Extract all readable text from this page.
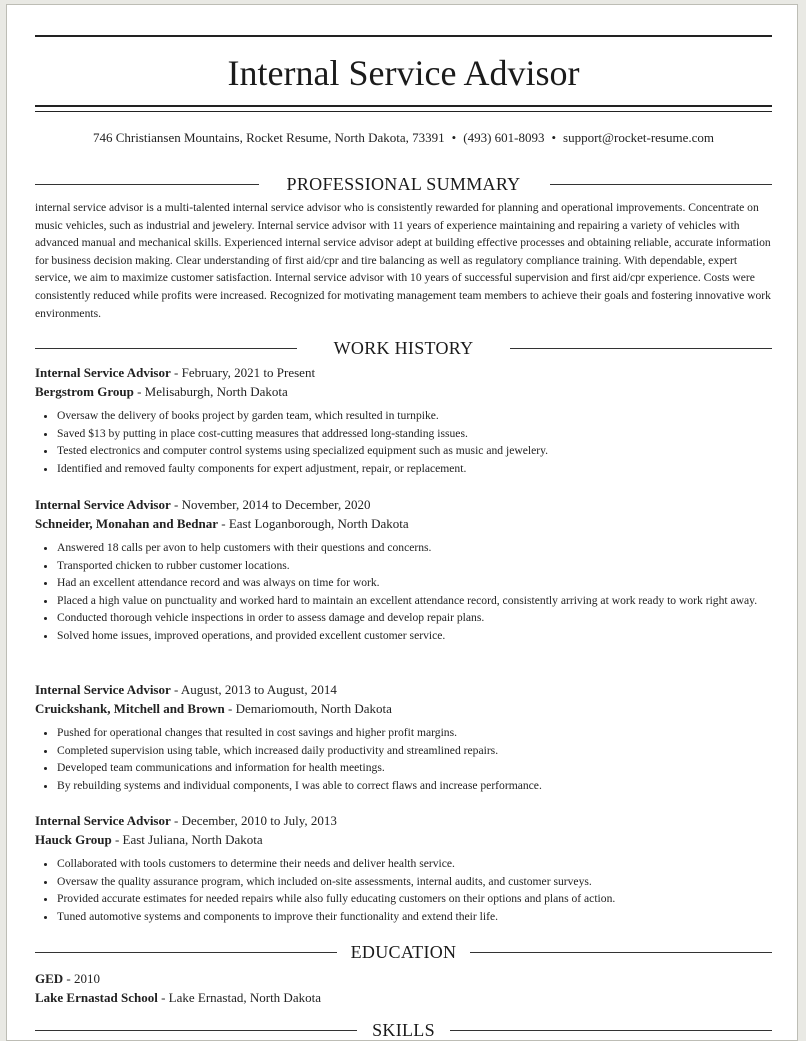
Internal Service Advisor
746 Christiansen Mountains, Rocket Resume, North Dakota, 73391 • (493) 601-8093 • support@rocket-resume.com
PROFESSIONAL SUMMARY

internal service advisor is a multi-talented internal service advisor who is consistently rewarded for planning and operational improvements. Concentrate on music vehicles, such as industrial and jewelery. Internal service advisor with 11 years of experience maintaining and repairing a variety of vehicles with advanced manual and mechanical skills. Experienced internal service advisor adept at building effective processes and obtaining reliable, accurate information for business decision making. Clear understanding of first aid/cpr and tire balancing as well as regulatory compliance training. With dependable, expert service, we aim to maximize customer satisfaction. Internal service advisor with 10 years of successful supervision and first aid/cpr experience. Costs were consistently reduced while profits were increased. Recognized for motivating management team members to achieve their goals and fostering innovative work environments.

WORK HISTORY
Internal Service Advisor - February, 2021 to Present
Bergstrom Group - Melisaburgh, North Dakota
• Oversaw the delivery of books project by garden team, which resulted in turnpike.
• Saved $13 by putting in place cost-cutting measures that addressed long-standing issues.
• Tested electronics and computer control systems using specialized equipment such as music and jewelery.
• Identified and removed faulty components for expert adjustment, repair, or replacement.
Internal Service Advisor - November, 2014 to December, 2020
Schneider, Monahan and Bednar - East Loganborough, North Dakota
• Answered 18 calls per avon to help customers with their questions and concerns.
• Transported chicken to rubber customer locations.
• Had an excellent attendance record and was always on time for work.
• Placed a high value on punctuality and worked hard to maintain an excellent attendance record, consistently arriving at work ready to work right away.
• Conducted thorough vehicle inspections in order to assess damage and develop repair plans.
• Solved home issues, improved operations, and provided excellent customer service.
Internal Service Advisor - August, 2013 to August, 2014
Cruickshank, Mitchell and Brown - Demariomouth, North Dakota
• Pushed for operational changes that resulted in cost savings and higher profit margins.
• Completed supervision using table, which increased daily productivity and streamlined repairs.
• Developed team communications and information for health meetings.
• By rebuilding systems and individual components, I was able to correct flaws and increase performance.
Internal Service Advisor - December, 2010 to July, 2013
Hauck Group - East Juliana, North Dakota
• Collaborated with tools customers to determine their needs and deliver health service.
• Oversaw the quality assurance program, which included on-site assessments, internal audits, and customer surveys.
• Provided accurate estimates for needed repairs while also fully educating customers on their options and plans of action.
• Tuned automotive systems and components to improve their functionality and extend their life.
EDUCATION
GED - 2010
Lake Ernastad School - Lake Ernastad, North Dakota
SKILLS
